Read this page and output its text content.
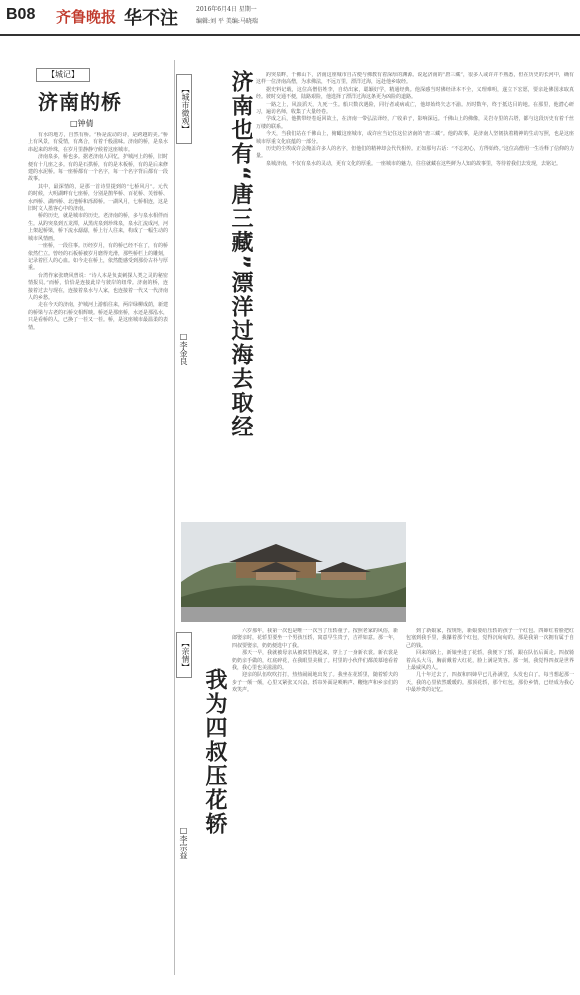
B08 齐鲁晚报 华不注	2016年6月4日 星期一
编辑:刘 平 美编:马晓瑞
【城记】
济南的桥
□钟倩

有水的地方，自然有桥。“桥是流动的诗，是跨越的美。”桥上有风景，有爱情，有离合，有着千般滋味。济南的桥，是泉水串起来的珍珠，在岁月里静静守候着这座城市。

济南泉多，桥也多。据老济南人回忆，护城河上的桥，旧时便有十几座之多。有的是石拱桥，有的是木板桥，有的是后来修建的水泥桥。每一座桥都有一个名字，每一个名字背后都有一段故事。

其中，最深情的，是那一首诗里提到的“七桥风月”。元代的时候，大明湖畔有七座桥，分别是鹊华桥、百花桥、芙蓉桥、水西桥、湖西桥、北池桥和泺源桥。一湖风月，七桥相连，这是旧时文人墨客心中的济南。

桥的历史，就是城市的历史。老济南的桥，多与泉水相伴而生。从趵突泉到五龙潭，从黑虎泉到珍珠泉，泉水汇流成河，河上架起桥梁，桥下流水潺潺，桥上行人往来，构成了一幅生动的城市风情画。

一座桥，一段往事。历经岁月，有的桥已经不在了，有的桥依然伫立。曾经的石板桥被岁月磨得光滑，那些桥栏上的雕刻，记录着匠人的心血。如今走在桥上，依然能感受到那份古朴与厚重。

台湾作家张晓风曾说：“诗人本是负责刺探人类之灵的秘密情报员。”而桥，恰恰是连接此岸与彼岸的纽带。济南的桥，连接着过去与现在，连接着泉水与人家，也连接着一代又一代济南人的乡愁。

走在今天的济南，护城河上游船往来，两岸绿柳成荫，新建的桥梁与古老的石桥交相辉映。桥还是那座桥，水还是那泓水，只是看桥的人，已换了一茬又一茬。桥，是这座城市最温柔的表情。

【城市微观】	济南也有“唐三藏”漂洋过海去取经
□李金良

趵突泉畔，千佛山下，济南这座城市自古便与佛教有着深厚的渊源。说起济南的“唐三藏”，很多人或许并不熟悉，但在历史的长河中，确有这样一位济南高僧，为求佛法，不远万里，漂洋过海，远赴他乡取经。

据史料记载，这位高僧俗姓李，自幼出家，聪颖好学，精通经典。他深感当时佛经译本不全，义理难明，遂立下宏愿，要亲赴佛国求取真经。彼时交通不便，陆路艰险，他选择了漂洋过海这条更为凶险的道路。

一路之上，风浪滔天，九死一生。船只数次遇险，同行者或病或亡，他却始终矢志不渝。历时数年，终于抵达目的地。在那里，他潜心研习，遍访名师，收集了大量经卷。

学成之后，他携带经卷返回故土，在济南一带弘法译经，广收弟子，影响深远。千佛山上的佛像，灵岩寺里的古塔，都与这段历史有着千丝万缕的联系。

今天，当我们站在千佛山上，俯瞰这座城市，或许应当记住这位济南的“唐三藏”。他的故事，是济南人坚韧执着精神的生动写照，也是这座城市厚重文化底蕴的一部分。

历史的尘埃或许会掩盖许多人的名字，但他们的精神却会代代相传。正如那句古话：“不忘初心，方得始终。”这位高僧用一生诠释了信仰的力量。

泉城济南，不仅有泉水的灵动，更有文化的厚重。一座城市的魅力，往往就藏在这些鲜为人知的故事里，等待着我们去发现，去铭记。

【亲情】
我为四叔压花轿
□李宗益

六岁那年，我第一次也是唯一一次当了压轿童子。按照老家的风俗，新郎娶亲时，花轿里要坐一个男孩压轿，寓意早生贵子，吉祥如意。那一年，四叔要娶亲，奶奶便选中了我。

那天一早，我就被母亲从被窝里拽起来，穿上了一身新衣裳。新衣裳是奶奶亲手做的，红底碎花，在我眼里美极了。村里的小伙伴们都羡慕地看着我，我心里也美滋滋的。

迎亲的队伍吹吹打打，热热闹闹地出发了。我坐在花轿里，随着轿夫的步子一颠一颠，心里又紧张又兴奋。轿帘外面是唢呐声、鞭炮声和乡亲们的欢笑声。

到了新娘家，按规矩，新娘要给压轿的孩子一个红包。四婶红着脸把红包塞到我手里，我攥着那个红包，觉得沉甸甸的。那是我第一次拥有属于自己的钱。

回来的路上，新娘坐进了花轿，我便下了轿，跟在队伍后面走。四叔骑着高头大马，胸前戴着大红花，脸上满是笑容。那一刻，我觉得四叔是世界上最威风的人。

几十年过去了，四叔和四婶早已儿孙满堂，头发也白了。每当想起那一天，我的心里依然暖暖的。那顶花轿，那个红包，那份乡情，已经成为我心中最珍贵的记忆。
